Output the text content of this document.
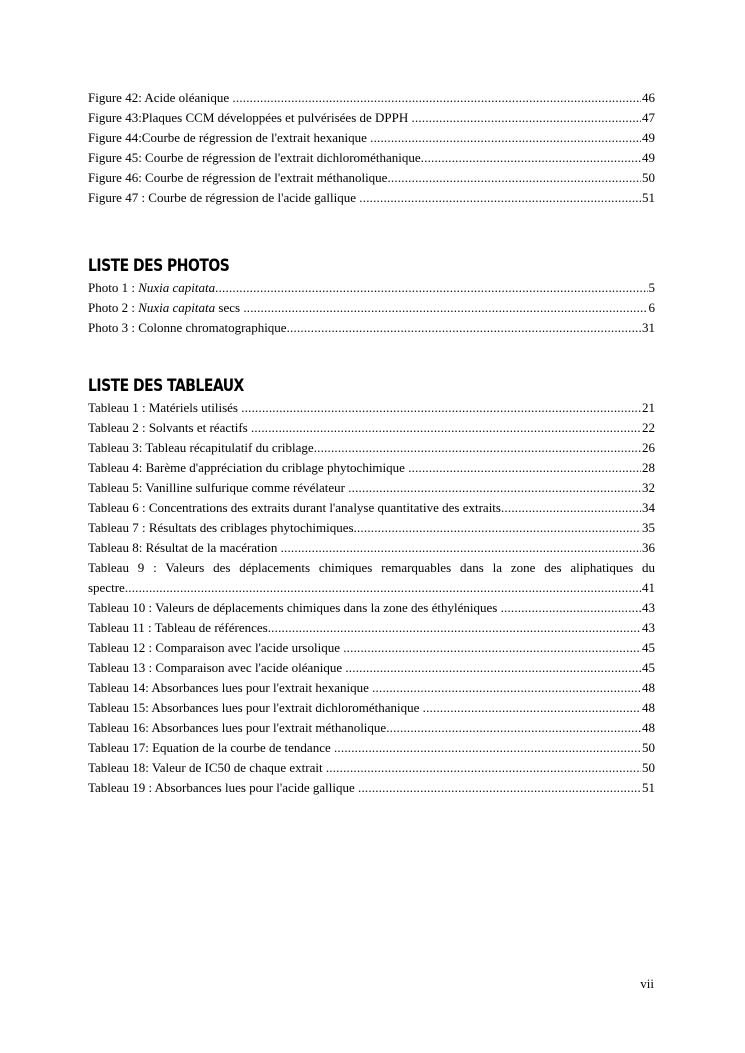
Figure 42: Acide oléanique .....	46
Figure 43:Plaques CCM développées et pulvérisées de DPPH .....	47
Figure 44:Courbe de régression de l'extrait hexanique .....	49
Figure 45: Courbe de régression de l'extrait dichlorométhanique .....	49
Figure 46: Courbe de régression de l'extrait méthanolique .....	50
Figure 47 : Courbe de régression de l'acide gallique .....	51
LISTE DES PHOTOS
Photo 1 : Nuxia capitata .....	5
Photo 2 : Nuxia capitata secs .....	6
Photo 3 : Colonne chromatographique .....	31
LISTE DES TABLEAUX
Tableau 1 : Matériels utilisés .....	21
Tableau 2 : Solvants et réactifs .....	22
Tableau 3: Tableau récapitulatif du criblage .....	26
Tableau 4: Barème d'appréciation du criblage phytochimique .....	28
Tableau 5: Vanilline sulfurique comme révélateur .....	32
Tableau 6 : Concentrations des extraits durant l'analyse quantitative des extraits .....	34
Tableau 7 : Résultats des criblages phytochimiques .....	35
Tableau 8: Résultat de la macération .....	36
Tableau 9 : Valeurs des déplacements chimiques remarquables dans la zone des aliphatiques du
spectre .....	41
Tableau 10 : Valeurs de déplacements chimiques dans la zone des éthyléniques .....	43
Tableau 11 : Tableau de références .....	43
Tableau 12 : Comparaison avec l'acide ursolique .....	45
Tableau 13 : Comparaison avec l'acide oléanique .....	45
Tableau 14: Absorbances lues pour l'extrait hexanique .....	48
Tableau 15: Absorbances lues pour l'extrait dichlorométhanique .....	48
Tableau 16: Absorbances lues pour l'extrait méthanolique .....	48
Tableau 17: Equation de la courbe de tendance .....	50
Tableau 18: Valeur de IC50 de chaque extrait .....	50
Tableau 19 : Absorbances lues pour l'acide gallique .....	51
vii
